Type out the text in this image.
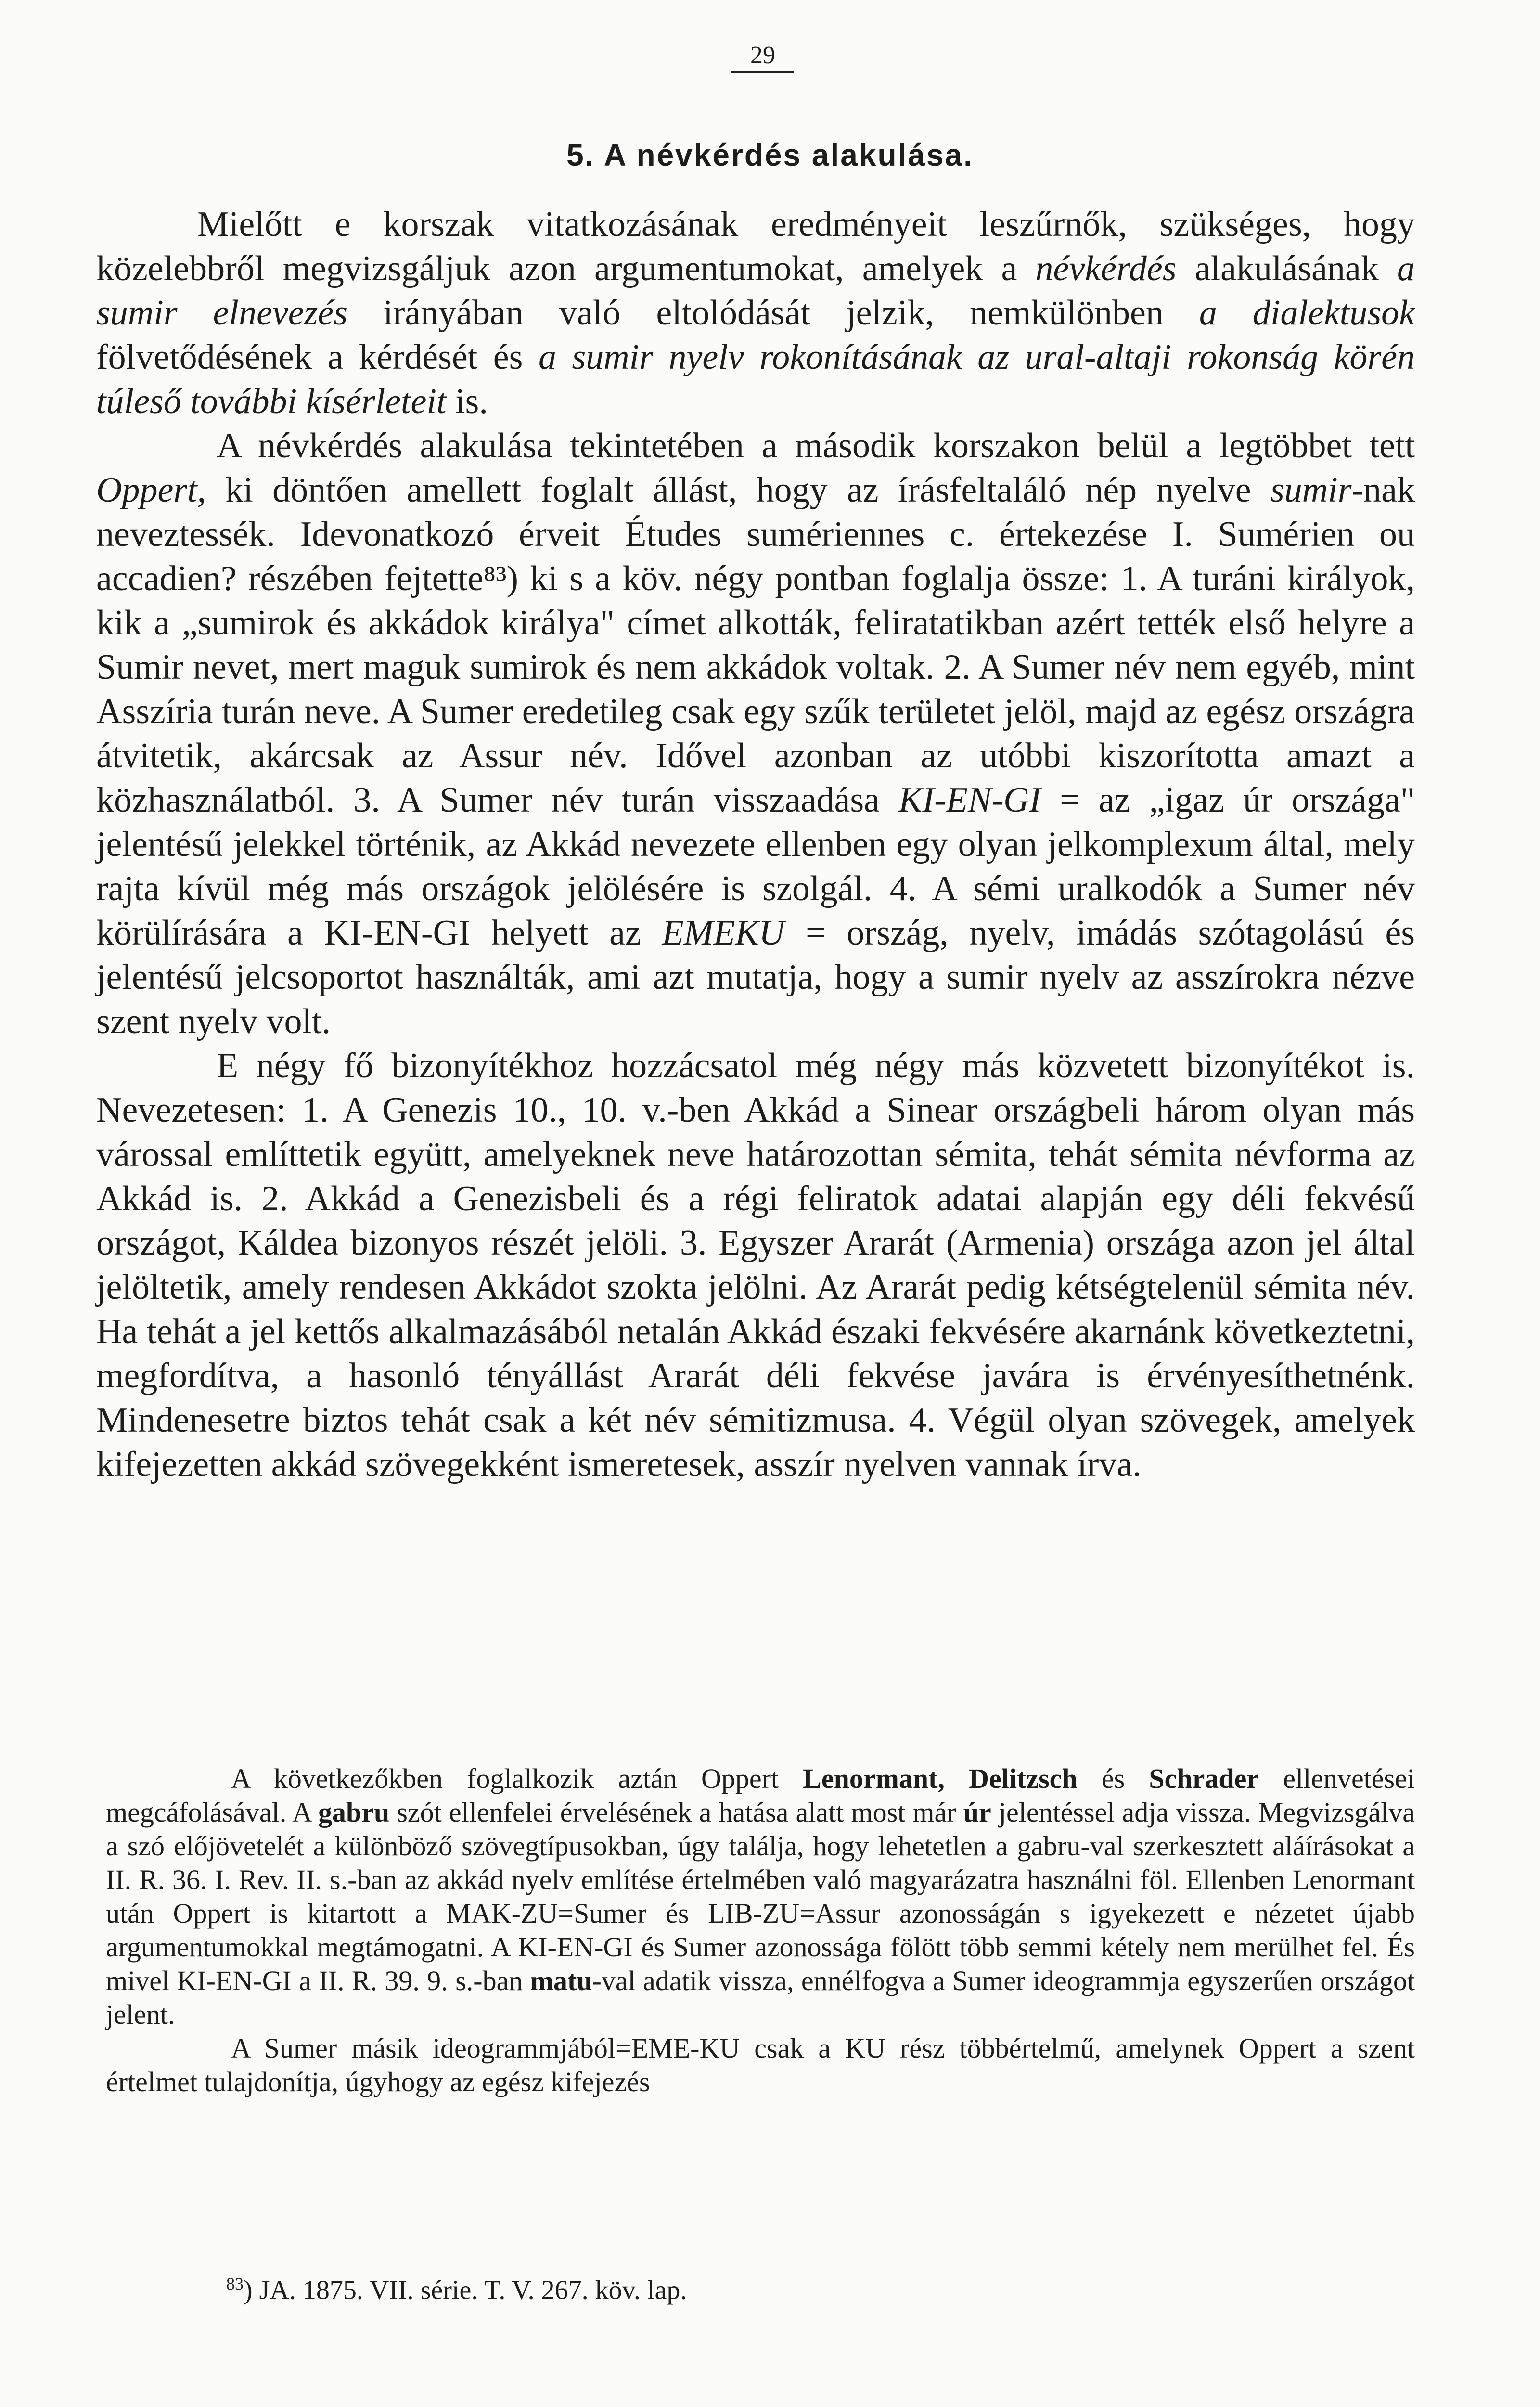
29
5. A névkérdés alakulása.

Mielőtt e korszak vitatkozásának eredményeit leszűrnők, szükséges, hogy közelebbről megvizsgáljuk azon argumentumokat, amelyek a névkérdés alakulásának a sumir elnevezés irányában való eltolódását jelzik, nemkülönben a dialektusok fölvetődésének a kérdését és a sumir nyelv rokonításának az ural-altaji rokonság körén túleső további kísérleteit is.

A névkérdés alakulása tekintetében a második korszakon belül a legtöbbet tett Oppert, ki döntően amellett foglalt állást, hogy az írásfeltaláló nép nyelve sumir-nak neveztessék. Idevonatkozó érveit Études sumériennes c. értekezése I. Sumérien ou accadien? részében fejtette⁸³) ki s a köv. négy pontban foglalja össze: 1. A turáni királyok, kik a „sumirok és akkádok királya" címet alkották, feliratatikban azért tették első helyre a Sumir nevet, mert maguk sumirok és nem akkádok voltak. 2. A Sumer név nem egyéb, mint Asszíria turán neve. A Sumer eredetileg csak egy szűk területet jelöl, majd az egész országra átvitetik, akárcsak az Assur név. Idővel azonban az utóbbi kiszorította amazt a közhasználatból. 3. A Sumer név turán visszaadása KI-EN-GI = az „igaz úr országa" jelentésű jelekkel történik, az Akkád nevezete ellenben egy olyan jelkomplexum által, mely rajta kívül még más országok jelölésére is szolgál. 4. A sémi uralkodók a Sumer név körülírására a KI-EN-GI helyett az EMEKU = ország, nyelv, imádás szótagolású és jelentésű jelcsoportot használták, ami azt mutatja, hogy a sumir nyelv az asszírokra nézve szent nyelv volt.

E négy fő bizonyítékhoz hozzácsatol még négy más közvetett bizonyítékot is. Nevezetesen: 1. A Genezis 10., 10. v.-ben Akkád a Sinear országbeli három olyan más várossal említtetik együtt, amelyeknek neve határozottan sémita, tehát sémita névforma az Akkád is. 2. Akkád a Genezisbeli és a régi feliratok adatai alapján egy déli fekvésű országot, Káldea bizonyos részét jelöli. 3. Egyszer Ararát (Armenia) országa azon jel által jelöltetik, amely rendesen Akkádot szokta jelölni. Az Ararát pedig kétségtelenül sémita név. Ha tehát a jel kettős alkalmazásából netalán Akkád északi fekvésére akarnánk következtetni, megfordítva, a hasonló tényállást Ararát déli fekvése javára is érvényesíthetnénk. Mindenesetre biztos tehát csak a két név sémitizmusa. 4. Végül olyan szövegek, amelyek kifejezetten akkád szövegekként ismeretesek, asszír nyelven vannak írva.

A következőkben foglalkozik aztán Oppert Lenormant, Delitzsch és Schrader ellenvetései megcáfolásával. A gabru szót ellenfelei érvelésének a hatása alatt most már úr jelentéssel adja vissza. Megvizsgálva a szó előjövetelét a különböző szövegtípusokban, úgy találja, hogy lehetetlen a gabru-val szerkesztett aláírásokat a II. R. 36. I. Rev. II. s.-ban az akkád nyelv említése értelmében való magyarázatra használni föl. Ellenben Lenormant után Oppert is kitartott a MAK-ZU=Sumer és LIB-ZU=Assur azonosságán s igyekezett e nézetet újabb argumentumokkal megtámogatni. A KI-EN-GI és Sumer azonossága fölött több semmi kétely nem merülhet fel. És mivel KI-EN-GI a II. R. 39. 9. s.-ban matu-val adatik vissza, ennélfogva a Sumer ideogrammja egyszerűen országot jelent.

A Sumer másik ideogrammjából=EME-KU csak a KU rész többértelmű, amelynek Oppert a szent értelmet tulajdonítja, úgyhogy az egész kifejezés

$^{83}$) JA. 1875. VII. série. T. V. 267. köv. lap.
